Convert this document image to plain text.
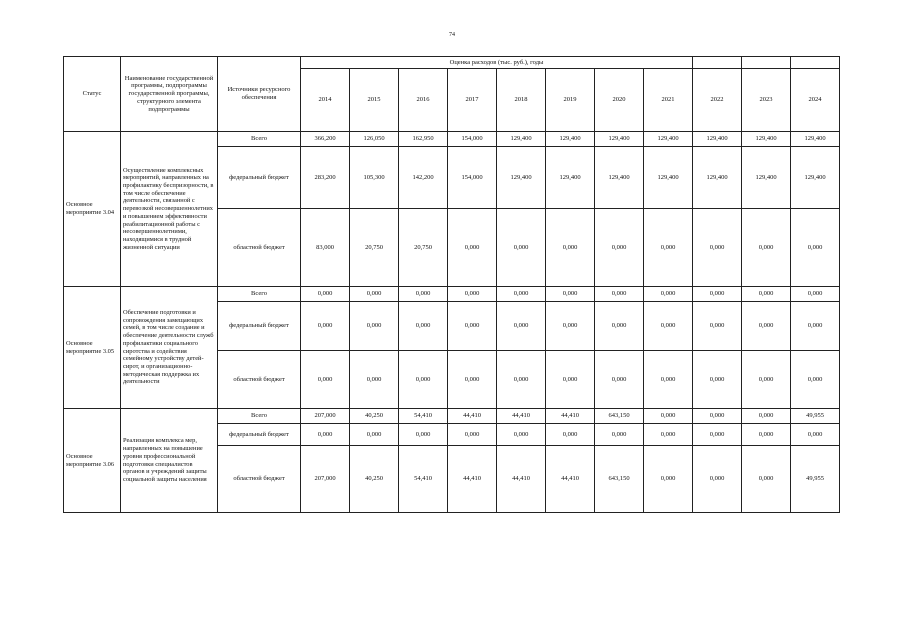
74
Статус	Наименование государственной программы, подпрограммы государственной программы, структурного элемента подпрограммы	Источники ресурсного обеспечения	Оценка расходов (тыс. руб.), годы										
			2014	2015	2016	2017	2018	2019	2020	2021	2022	2023	2024
Основное мероприятие 3.04	Осуществление комплексных мероприятий, направленных на профилактику беспризорности, в том числе обеспечение деятельности, связанной с перевозкой несовершеннолетних и повышением эффективности реабилитационной работы с несовершеннолетними, находящимися в трудной жизненной ситуации	Всего	366,200	126,050	162,950	154,000	129,400	129,400	129,400	129,400	129,400	129,400	129,400
		федеральный бюджет	283,200	105,300	142,200	154,000	129,400	129,400	129,400	129,400	129,400	129,400	129,400
		областной бюджет	83,000	20,750	20,750	0,000	0,000	0,000	0,000	0,000	0,000	0,000	0,000
Основное мероприятие 3.05	Обеспечение подготовки и сопровождения замещающих семей, в том числе создание и обеспечение деятельности служб профилактики социального сиротства и содействия семейному устройству детей-сирот, и организационно-методическая поддержка их деятельности	Всего	0,000	0,000	0,000	0,000	0,000	0,000	0,000	0,000	0,000	0,000	0,000
		федеральный бюджет	0,000	0,000	0,000	0,000	0,000	0,000	0,000	0,000	0,000	0,000	0,000
		областной бюджет	0,000	0,000	0,000	0,000	0,000	0,000	0,000	0,000	0,000	0,000	0,000
Основное мероприятие 3.06	Реализация комплекса мер, направленных на повышение уровня профессиональной подготовки специалистов органов и учреждений защиты социальной защиты населения	Всего	207,000	40,250	54,410	44,410	44,410	44,410	643,150	0,000	0,000	0,000	49,955
		федеральный бюджет	0,000	0,000	0,000	0,000	0,000	0,000	0,000	0,000	0,000	0,000	0,000
		областной бюджет	207,000	40,250	54,410	44,410	44,410	44,410	643,150	0,000	0,000	0,000	49,955
